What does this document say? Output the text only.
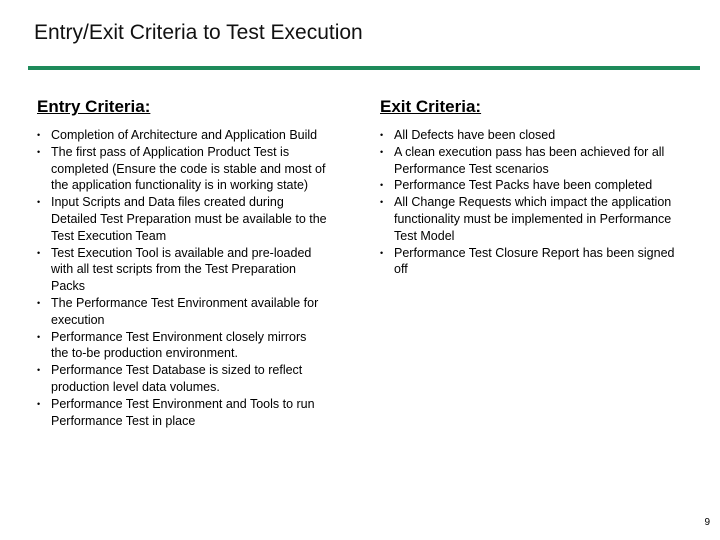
Entry/Exit Criteria to Test Execution
Entry Criteria:
• Completion of Architecture and Application Build
• The first pass of Application Product Test is completed (Ensure the code is stable and most of the application functionality is in working state)
• Input Scripts and Data files created during Detailed Test Preparation must be available to the Test Execution Team
• Test Execution Tool is available and pre-loaded with all test scripts from the Test Preparation Packs
• The Performance Test Environment available for execution
• Performance Test Environment closely mirrors the to-be production environment.
• Performance Test Database is sized to reflect production level data volumes.
• Performance Test Environment and Tools to run Performance Test in place
Exit Criteria:
• All Defects have been closed
• A clean execution pass has been achieved for all Performance Test scenarios
• Performance Test Packs have been completed
• All Change Requests which impact the application functionality must be implemented in Performance Test Model
• Performance Test Closure Report has been signed off
9
